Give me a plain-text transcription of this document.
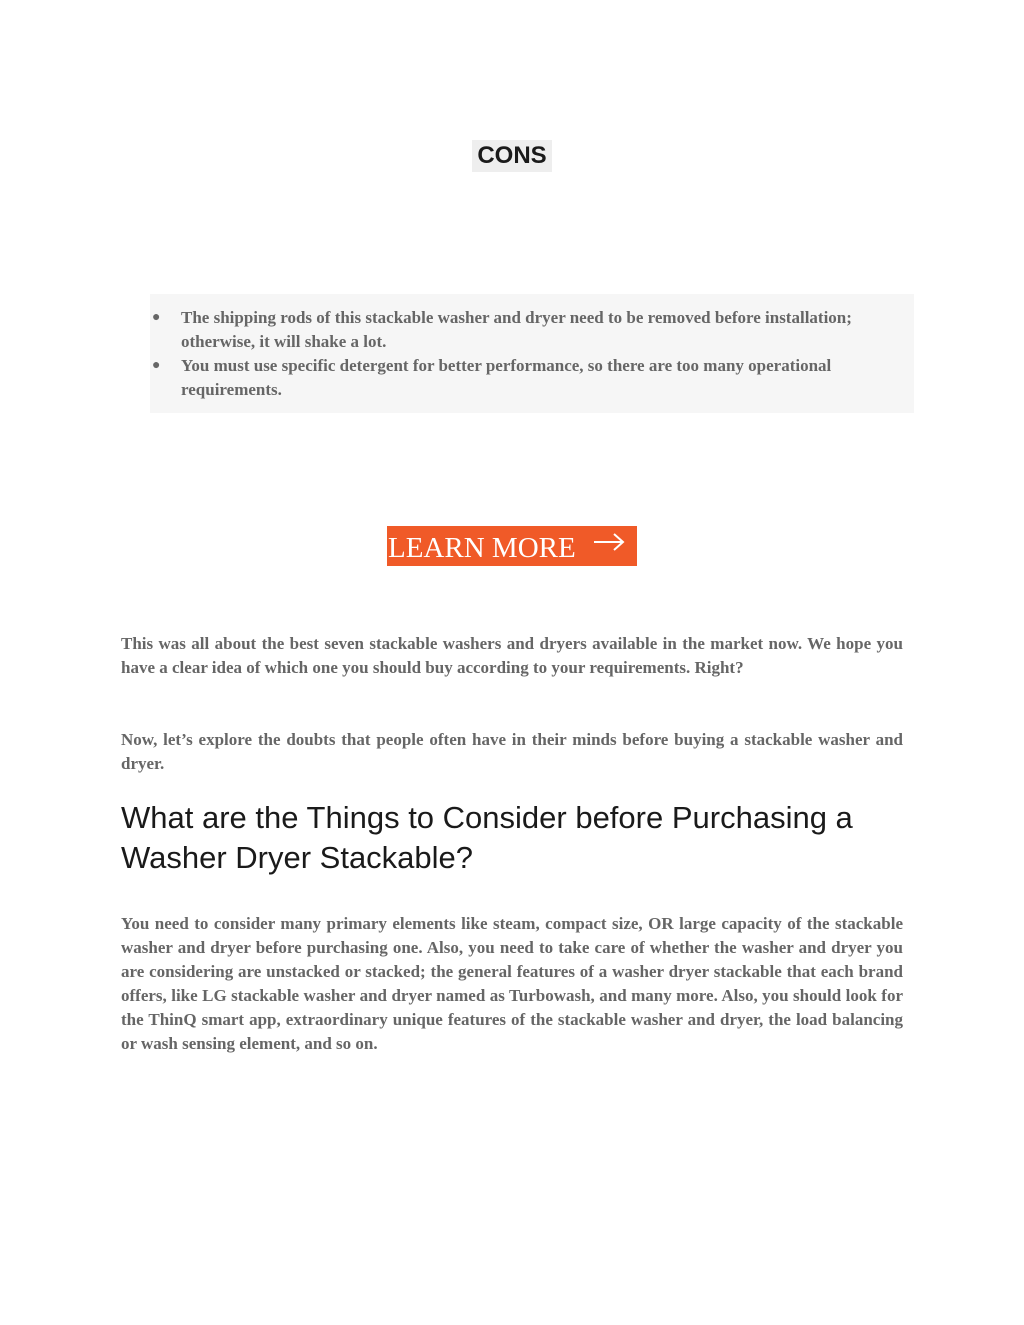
CONS
● The shipping rods of this stackable washer and dryer need to be removed before installation; otherwise, it will shake a lot.
● You must use specific detergent for better performance, so there are too many operational requirements.
LEARN MORE

This was all about the best seven stackable washers and dryers available in the market now. We hope you have a clear idea of which one you should buy according to your requirements. Right?

Now, let’s explore the doubts that people often have in their minds before buying a stackable washer and dryer.

What are the Things to Consider before Purchasing a Washer Dryer Stackable?

You need to consider many primary elements like steam, compact size, OR large capacity of the stackable washer and dryer before purchasing one. Also, you need to take care of whether the washer and dryer you are considering are unstacked or stacked; the general features of a washer dryer stackable that each brand offers, like LG stackable washer and dryer named as Turbowash, and many more. Also, you should look for the ThinQ smart app, extraordinary unique features of the stackable washer and dryer, the load balancing or wash sensing element, and so on.
